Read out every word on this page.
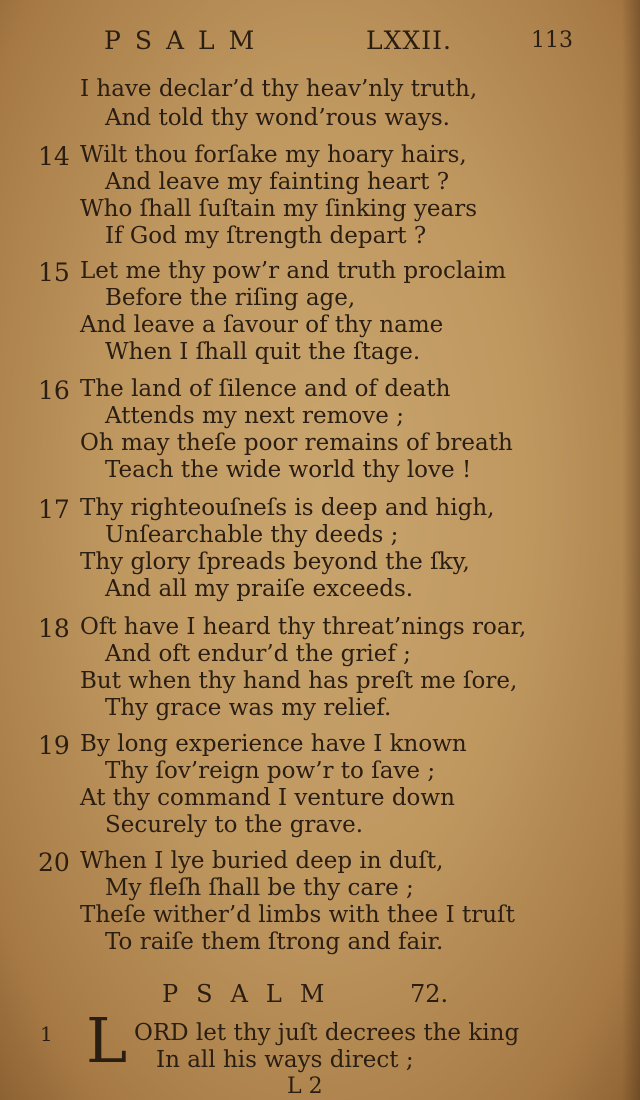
PSALM	LXXII.	113
I have declar’d thy heav’nly truth,
And told thy wond’rous ways.
14 Wilt thou forſake my hoary hairs,
And leave my fainting heart ?
Who ſhall ſuſtain my ſinking years
If God my ſtrength depart ?
15 Let me thy pow’r and truth proclaim
Before the riſing age,
And leave a ſavour of thy name
When I ſhall quit the ſtage.
16 The land of ſilence and of death
Attends my next remove ;
Oh may theſe poor remains of breath
Teach the wide world thy love !
17 Thy righteouſneſs is deep and high,
Unſearchable thy deeds ;
Thy glory ſpreads beyond the ſky,
And all my praiſe exceeds.
18 Oft have I heard thy threat’nings roar,
And oft endur’d the grief ;
But when thy hand has preſt me ſore,
Thy grace was my relief.
19 By long experience have I known
Thy ſov’reign pow’r to ſave ;
At thy command I venture down
Securely to the grave.
20 When I lye buried deep in duſt,
My fleſh ſhall be thy care ;
Theſe wither’d limbs with thee I truſt
To raiſe them ſtrong and fair.
PSALM	72.
1 L ORD let thy juſt decrees the king
In all his ways direct ;
L 2
